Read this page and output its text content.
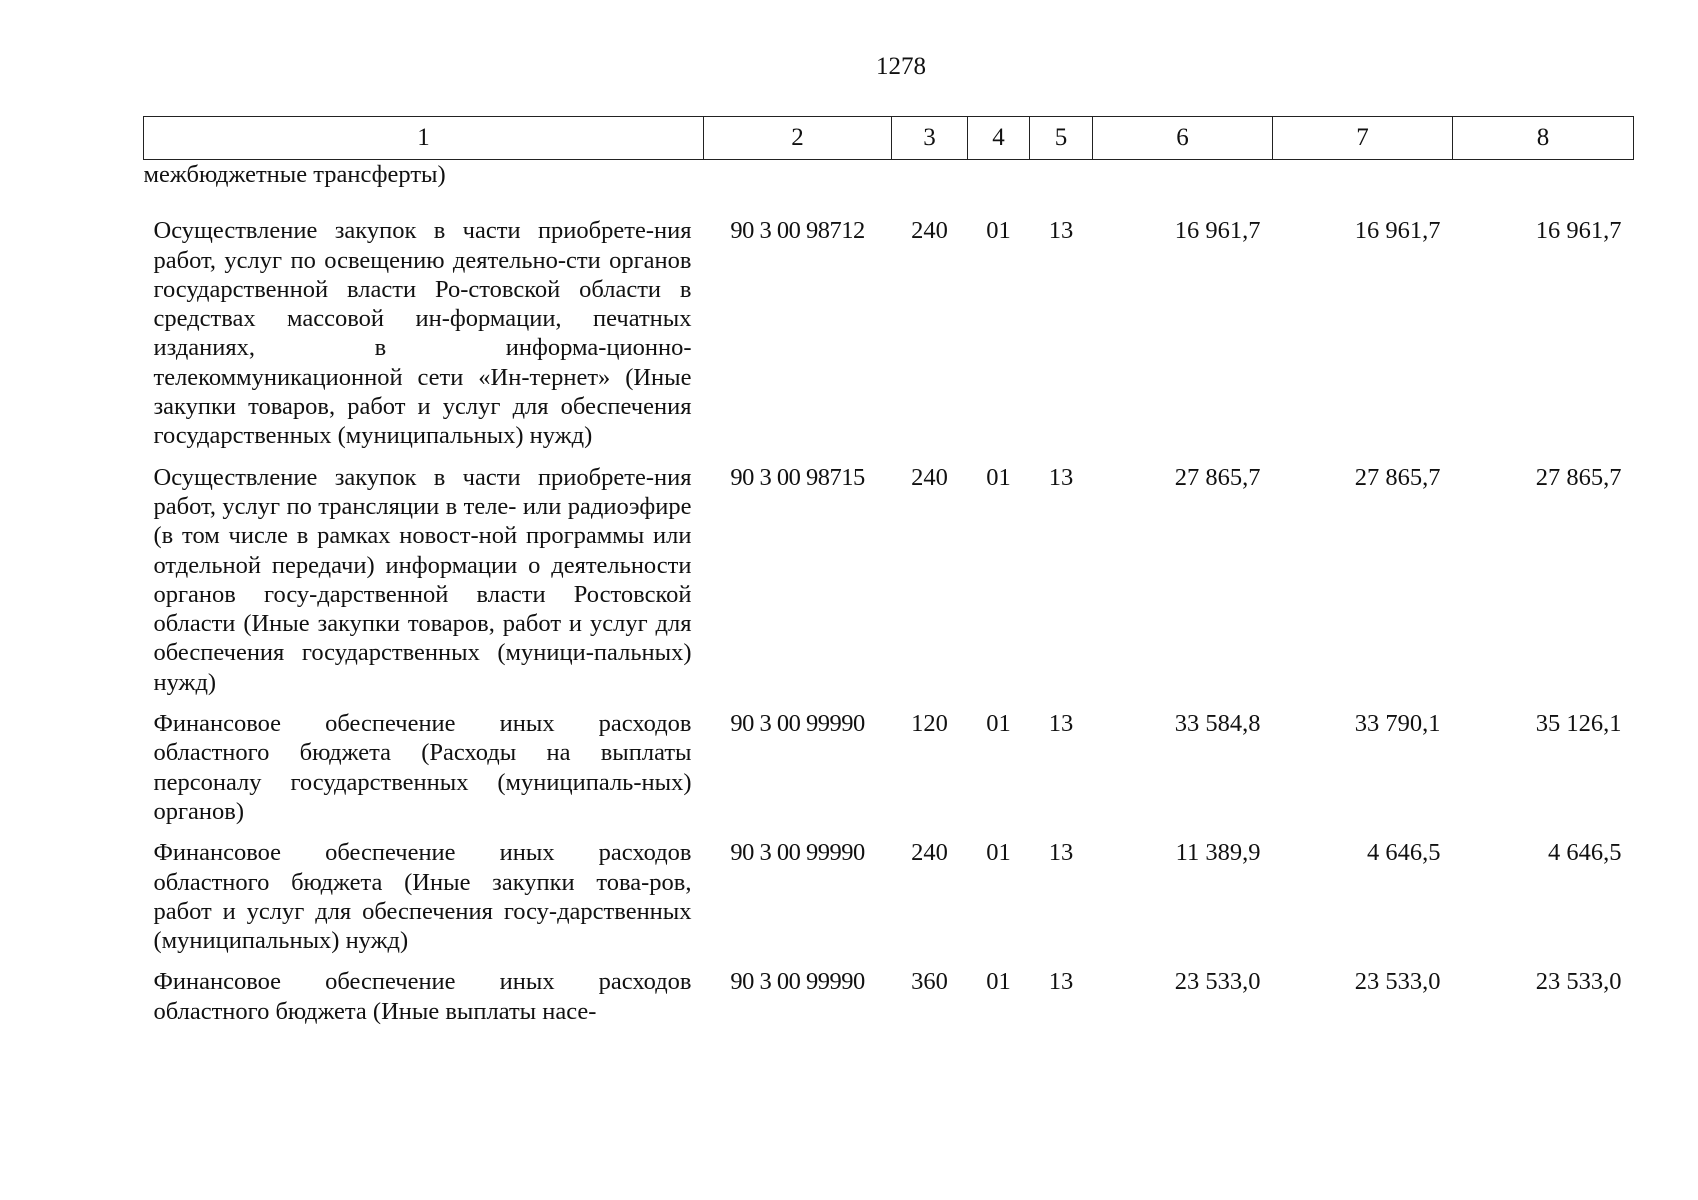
1278
1	2	3	4	5	6	7	8
межбюджетные трансферты)							
Осуществление закупок в части приобрете-ния работ, услуг по освещению деятельно-сти органов государственной власти Ро-стовской области в средствах массовой ин-формации, печатных изданиях, в информа-ционно-телекоммуникационной сети «Ин-тернет» (Иные закупки товаров, работ и услуг для обеспечения государственных (муниципальных) нужд)	90 3 00 98712	240	01	13	16 961,7	16 961,7	16 961,7
Осуществление закупок в части приобрете-ния работ, услуг по трансляции в теле- или радиоэфире (в том числе в рамках новост-ной программы или отдельной передачи) информации о деятельности органов госу-дарственной власти Ростовской области (Иные закупки товаров, работ и услуг для обеспечения государственных (муници-пальных) нужд)	90 3 00 98715	240	01	13	27 865,7	27 865,7	27 865,7
Финансовое обеспечение иных расходов областного бюджета (Расходы на выплаты персоналу государственных (муниципаль-ных) органов)	90 3 00 99990	120	01	13	33 584,8	33 790,1	35 126,1
Финансовое обеспечение иных расходов областного бюджета (Иные закупки това-ров, работ и услуг для обеспечения госу-дарственных (муниципальных) нужд)	90 3 00 99990	240	01	13	11 389,9	4 646,5	4 646,5
Финансовое обеспечение иных расходов областного бюджета (Иные выплаты насе-	90 3 00 99990	360	01	13	23 533,0	23 533,0	23 533,0
